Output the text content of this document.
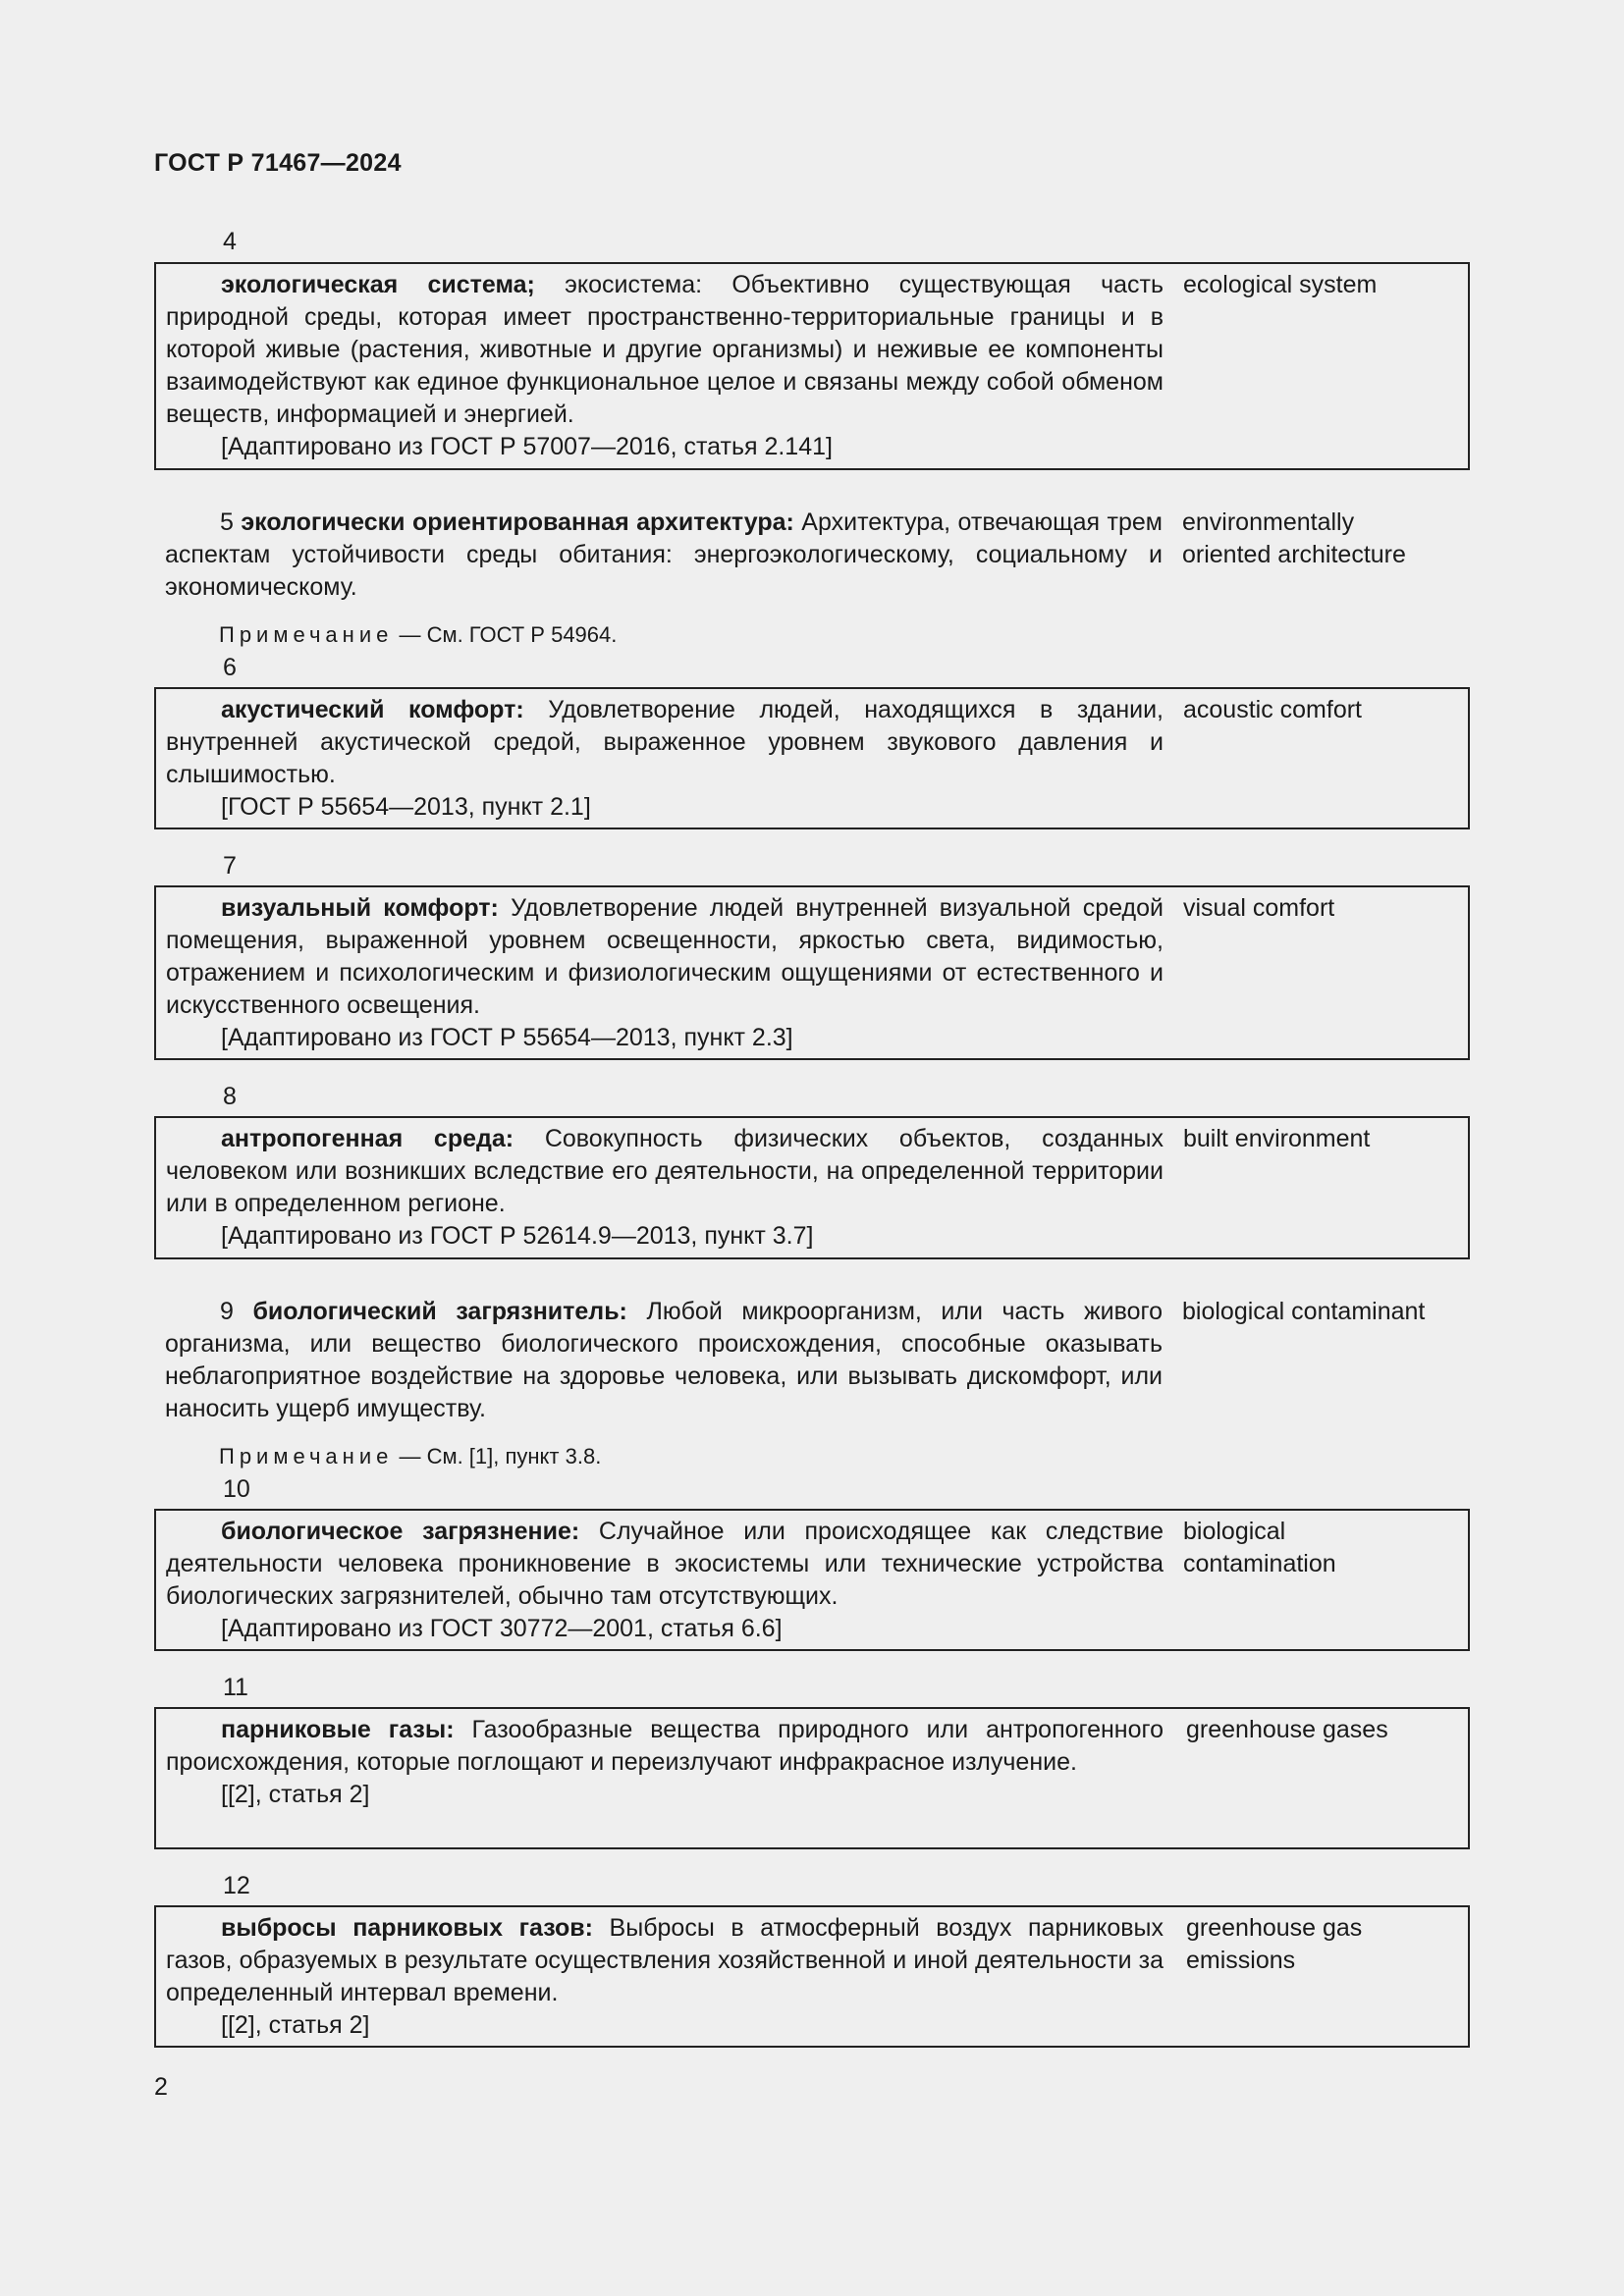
ГОСТ Р 71467—2024
4

экологическая система; экосистема: Объективно существующая часть природной среды, которая имеет пространственно-территориальные границы и в которой живые (растения, животные и другие организмы) и неживые ее компоненты взаимодействуют как единое функциональное целое и связаны между собой обменом веществ, информацией и энергией.

[Адаптировано из ГОСТ Р 57007—2016, статья 2.141]

ecological system

5 экологически ориентированная архитектура: Архитектура, отвечающая трем аспектам устойчивости среды обитания: энергоэкологическому, социальному и экономическому.

environmentally oriented architecture
Примечание — См. ГОСТ Р 54964.
6

акустический комфорт: Удовлетворение людей, находящихся в здании, внутренней акустической средой, выраженное уровнем звукового давления и слышимостью.

[ГОСТ Р 55654—2013, пункт 2.1]

acoustic comfort
7

визуальный комфорт: Удовлетворение людей внутренней визуальной средой помещения, выраженной уровнем освещенности, яркостью света, видимостью, отражением и психологическим и физиологическим ощущениями от естественного и искусственного освещения.

[Адаптировано из ГОСТ Р 55654—2013, пункт 2.3]

visual comfort
8

антропогенная среда: Совокупность физических объектов, созданных человеком или возникших вследствие его деятельности, на определенной территории или в определенном регионе.

[Адаптировано из ГОСТ Р 52614.9—2013, пункт 3.7]

built environment

9 биологический загрязнитель: Любой микроорганизм, или часть живого организма, или вещество биологического происхождения, способные оказывать неблагоприятное воздействие на здоровье человека, или вызывать дискомфорт, или наносить ущерб имуществу.

biological contaminant
Примечание — См. [1], пункт 3.8.
10

биологическое загрязнение: Случайное или происходящее как следствие деятельности человека проникновение в экосистемы или технические устройства биологических загрязнителей, обычно там отсутствующих.

[Адаптировано из ГОСТ 30772—2001, статья 6.6]

biological contamination
11

парниковые газы: Газообразные вещества природного или антропогенного происхождения, которые поглощают и переизлучают инфракрасное излучение.

[[2], статья 2]

greenhouse gases
12

выбросы парниковых газов: Выбросы в атмосферный воздух парниковых газов, образуемых в результате осуществления хозяйственной и иной деятельности за определенный интервал времени.

[[2], статья 2]

greenhouse gas emissions
2
